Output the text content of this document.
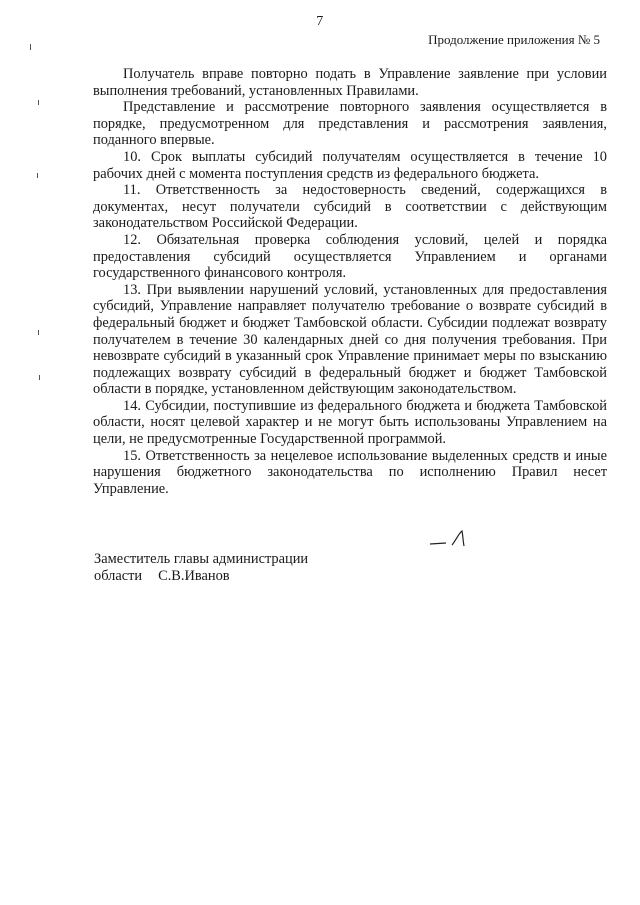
7
Продолжение приложения № 5

Получатель вправе повторно подать в Управление заявление при условии выполнения требований, установленных Правилами.

Представление и рассмотрение повторного заявления осуществляется в порядке, предусмотренном для представления и рассмотрения заявления, поданного впервые.

10. Срок выплаты субсидий получателям осуществляется в течение 10 рабочих дней с момента поступления средств из федерального бюджета.

11. Ответственность за недостоверность сведений, содержащихся в документах, несут получатели субсидий в соответствии с действующим законодательством Российской Федерации.

12. Обязательная проверка соблюдения условий, целей и порядка предоставления субсидий осуществляется Управлением и органами государственного финансового контроля.

13. При выявлении нарушений условий, установленных для предоставления субсидий, Управление направляет получателю требование о возврате субсидий в федеральный бюджет и бюджет Тамбовской области. Субсидии подлежат возврату получателем в течение 30 календарных дней со дня получения требования. При невозврате субсидий в указанный срок Управление принимает меры по взысканию подлежащих возврату субсидий в федеральный бюджет и бюджет Тамбовской области в порядке, установленном действующим законодательством.

14. Субсидии, поступившие из федерального бюджета и бюджета Тамбовской области, носят целевой характер и не могут быть использованы Управлением на цели, не предусмотренные Государственной программой.

15. Ответственность за нецелевое использование выделенных средств и иные нарушения бюджетного законодательства по исполнению Правил несет Управление.

Заместитель главы администрации
области С.В.Иванов
